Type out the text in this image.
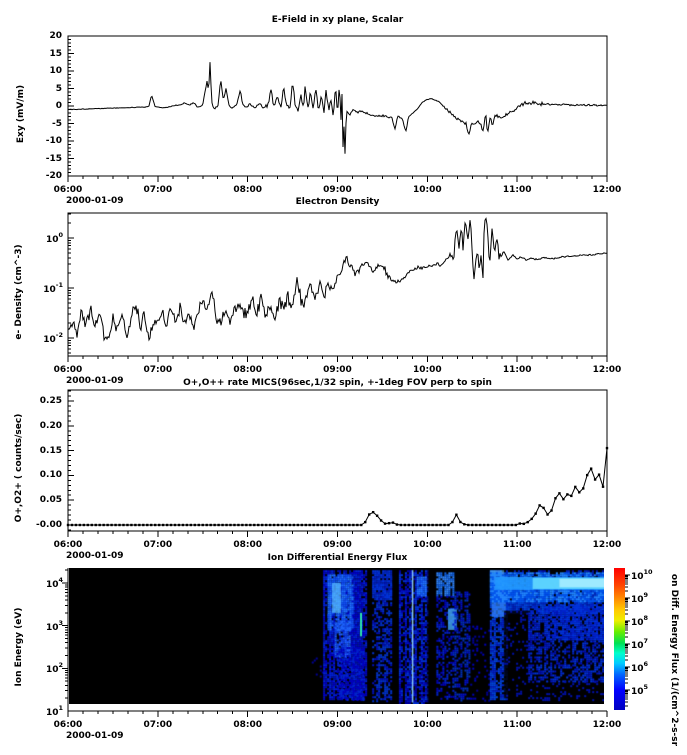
E-Field in xy plane, Scalar
Electron Density
O+,O++ rate MICS(96sec,1/32 spin, +-1deg FOV perp to spin
Ion Differential Energy Flux
Exy (mV/m)
e- Density (cm^-3)
O+,O2+ ( counts/sec)
Ion Energy (eV)	on Diff. Energy Flux (1/(cm^2-s-sr
2000-01-09
2000-01-09
2000-01-09
2000-01-09
06:00	07:00	08:00	09:00	10:00	11:00	12:00
06:00	07:00	08:00	09:00	10:00	11:00	12:00
06:00	07:00	08:00	09:00	10:00	11:00	12:00
06:00	07:00	08:00	09:00	10:00	11:00	12:00
20
15
10
5
0
-5
-10
-15
-20
$10^0$
$10^{-1}$
$10^{-2}$
0.25
0.20
0.15
0.10
0.05
-0.00
$10^4$
$10^3$
$10^2$
$10^1$
$10^{10}$
$10^9$
$10^8$
$10^7$
$10^6$
$10^5$
